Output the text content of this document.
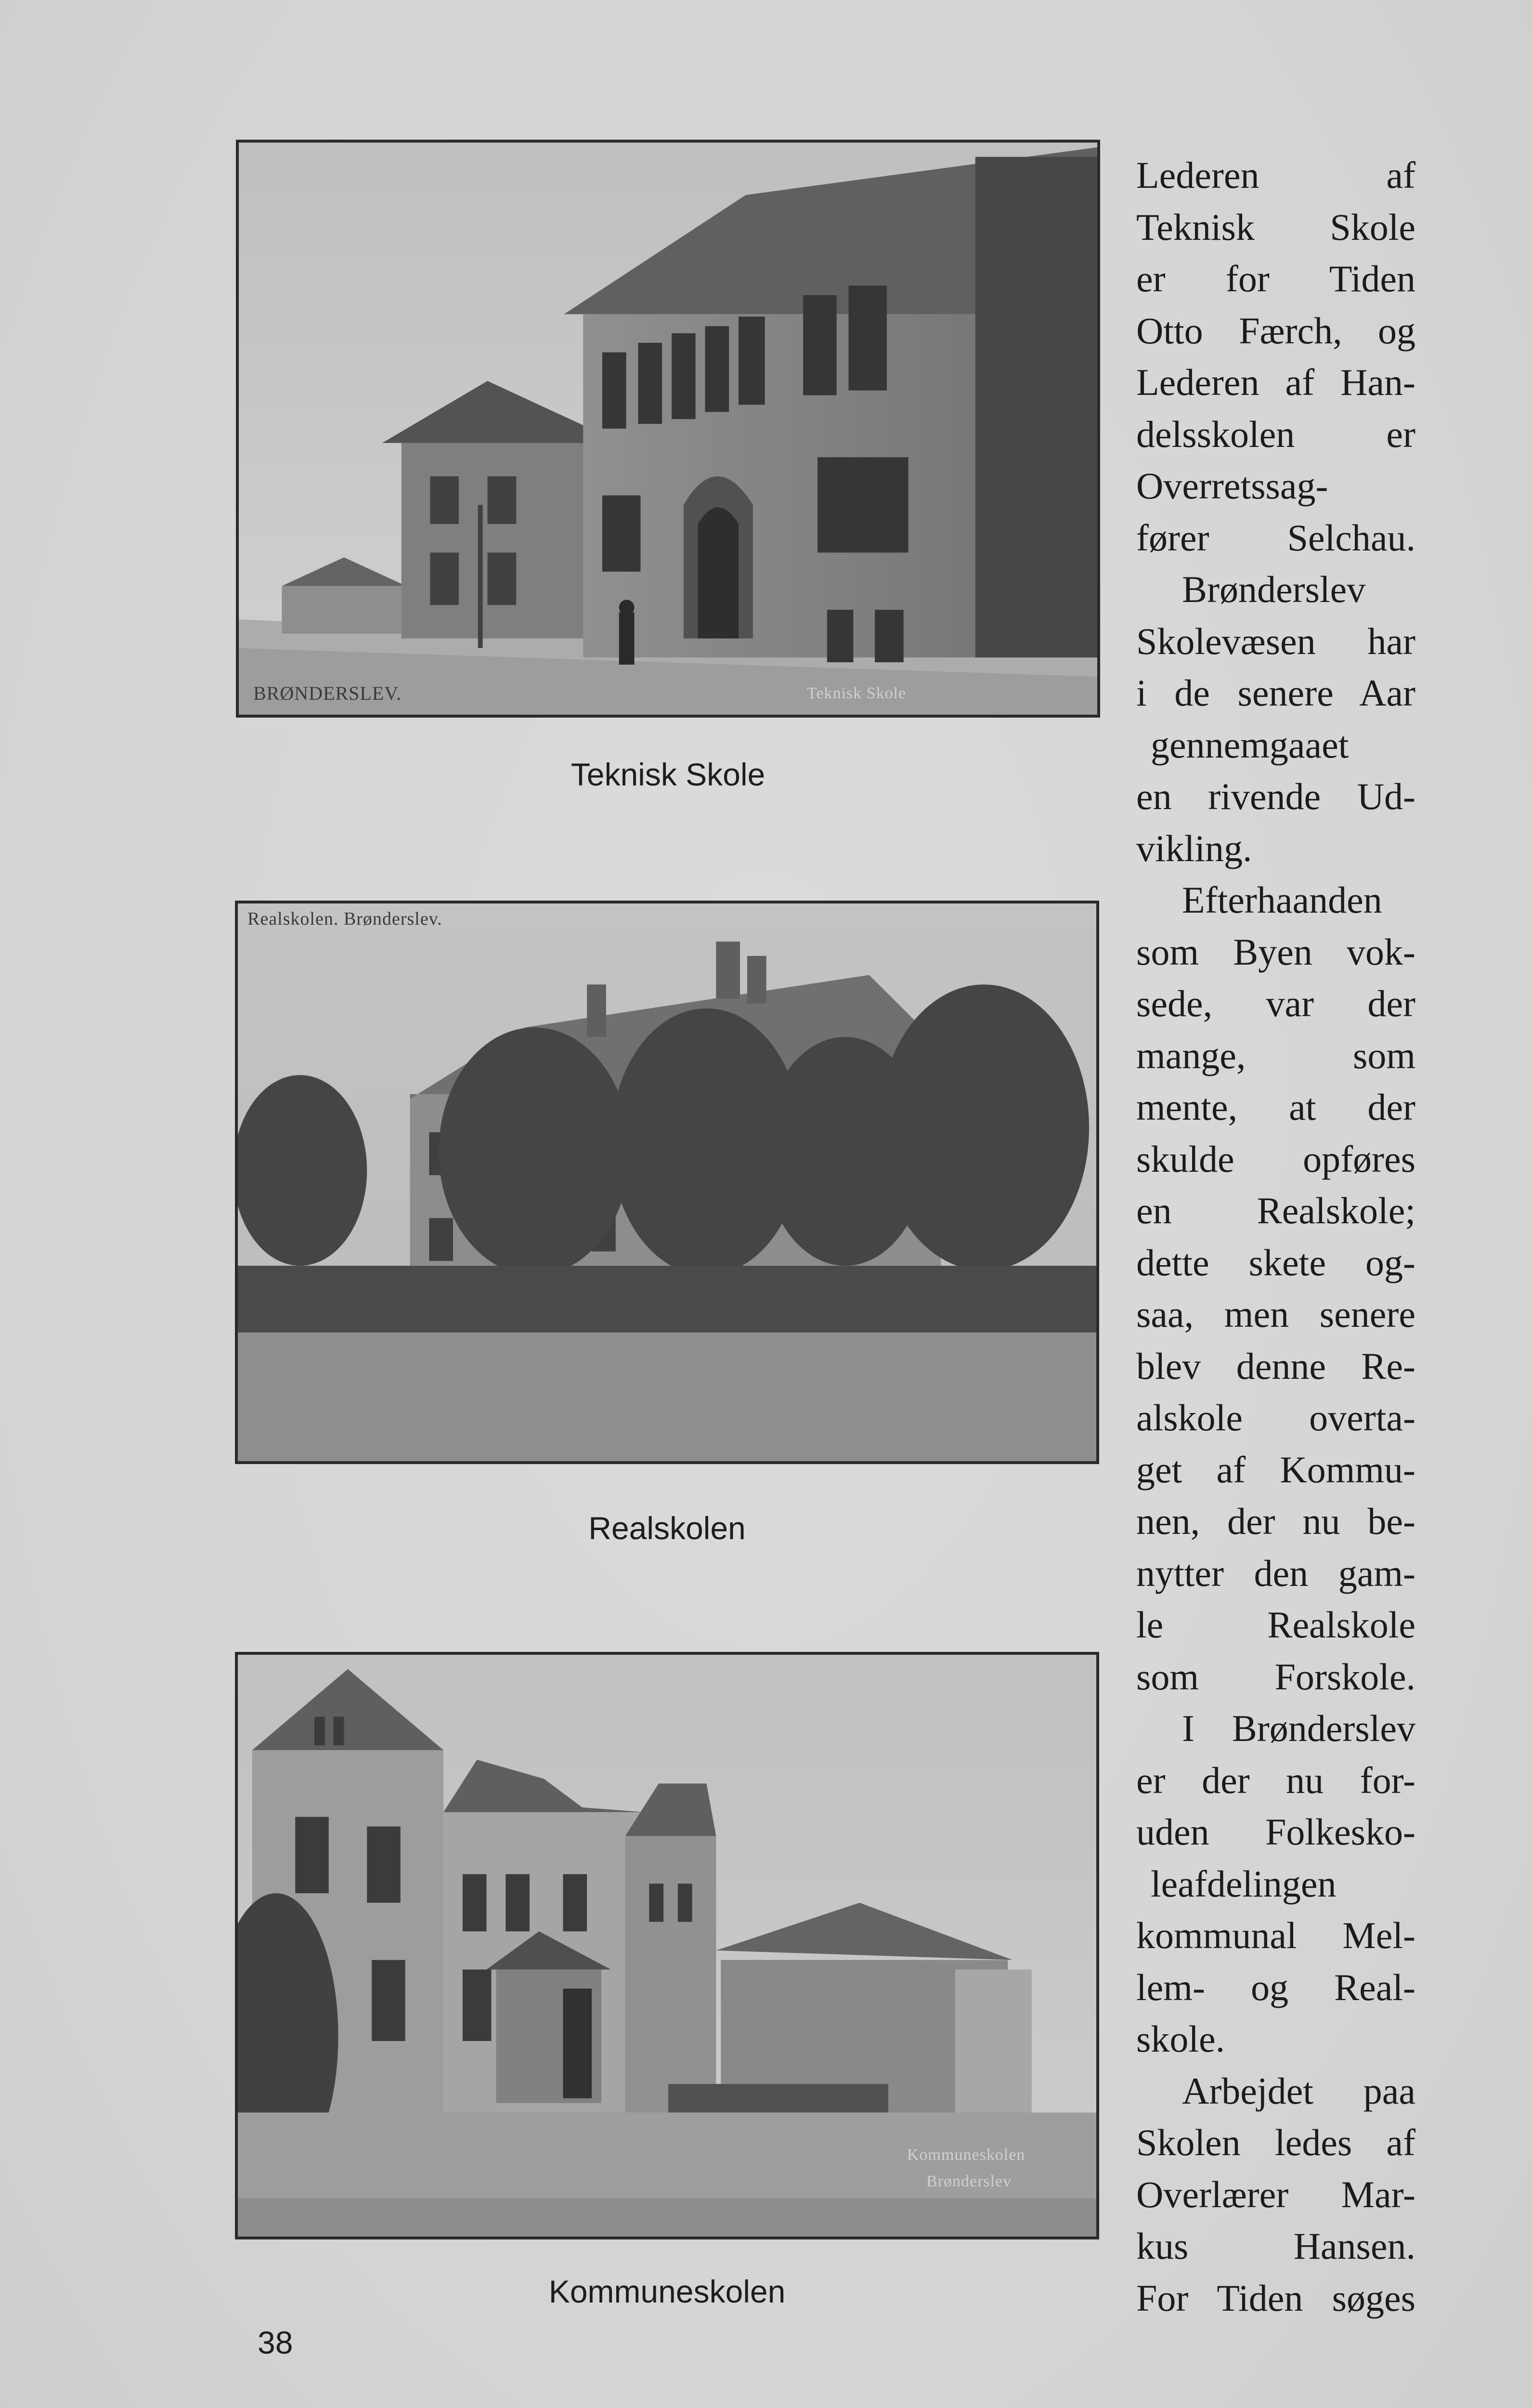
BRØNDERSLEV.	Teknisk Skole
Teknisk Skole
Realskolen. Brønderslev.
Realskolen
Kommuneskolen
Brønderslev
Kommuneskolen
38
Lederen af
Teknisk Skole
er for Tiden
Otto Færch, og
Lederen af Han-
delsskolen er
Overretssag-
fører Selchau.
Brønderslev
Skolevæsen har
i de senere Aar
gennemgaaet
en rivende Ud-
vikling.
Efterhaanden
som Byen vok-
sede, var der
mange, som
mente, at der
skulde opføres
en Realskole;
dette skete og-
saa, men senere
blev denne Re-
alskole overta-
get af Kommu-
nen, der nu be-
nytter den gam-
le Realskole
som Forskole.
I Brønderslev
er der nu for-
uden Folkesko-
leafdelingen
kommunal Mel-
lem- og Real-
skole.
Arbejdet paa
Skolen ledes af
Overlærer Mar-
kus Hansen.
For Tiden søges
